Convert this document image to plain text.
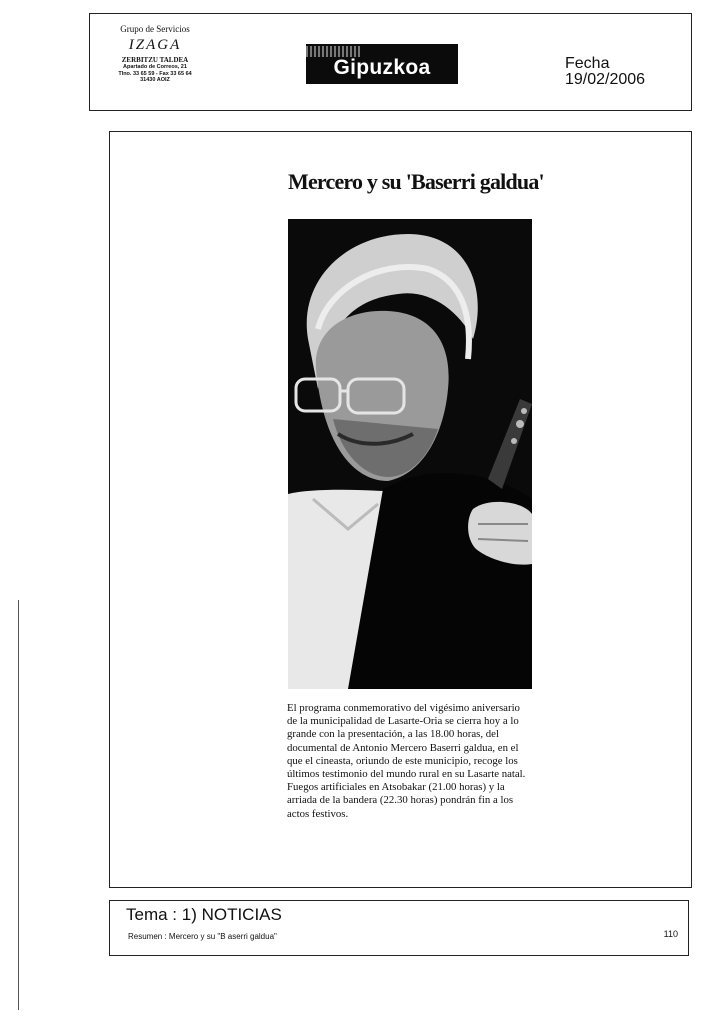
Grupo de Servicios
IZAGA
ZERBITZU TALDEA
Apartado de Correos, 21
Tlno. 33 65 59 - Fax 33 65 64
31430 AOIZ
Gipuzkoa	Fecha
19/02/2006
Mercero y su 'Baserri galdua'
El programa conmemorativo del vigésimo aniversario de la municipalidad de Lasarte-Oria se cierra hoy a lo grande con la presentación, a las 18.00 horas, del documental de Antonio Mercero Baserri galdua, en el que el cineasta, oriundo de este municipio, recoge los últimos testimonio del mundo rural en su Lasarte natal. Fuegos artificiales en Atsobakar (21.00 horas) y la arriada de la bandera (22.30 horas) pondrán fin a los actos festivos.
Tema : 1) NOTICIAS
Resumen : Mercero y su "B aserri galdua"	110
